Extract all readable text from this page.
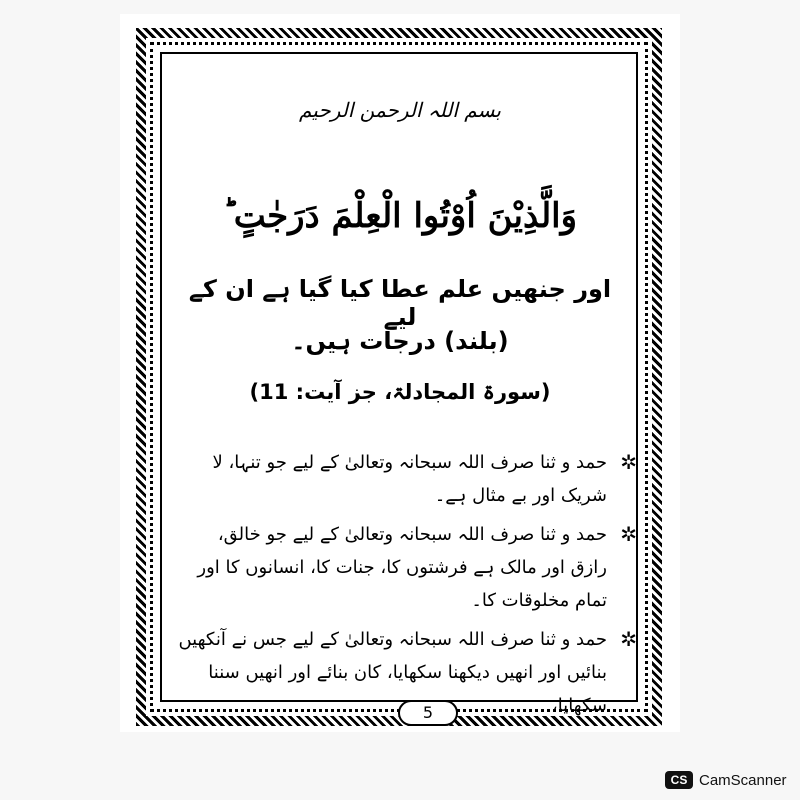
بسم اللہ الرحمن الرحیم
وَالَّذِيْنَ اُوْتُوا الْعِلْمَ دَرَجٰتٍ ؕ
اور جنھیں علم عطا کیا گیا ہے ان کے لیے
(بلند) درجات ہیں۔
(سورۃ المجادلۃ، جز آیت: 11)
✲
حمد و ثنا صرف اللہ سبحانہ وتعالیٰ کے لیے جو تنہا، لا شریک اور بے مثال ہے۔
✲
حمد و ثنا صرف اللہ سبحانہ وتعالیٰ کے لیے جو خالق، رازق اور مالک ہے فرشتوں کا، جنات کا، انسانوں کا اور تمام مخلوقات کا۔
✲
حمد و ثنا صرف اللہ سبحانہ وتعالیٰ کے لیے جس نے آنکھیں بنائیں اور انھیں دیکھنا سکھایا، کان بنائے اور انھیں سننا سکھایا،
5
CS CamScanner
